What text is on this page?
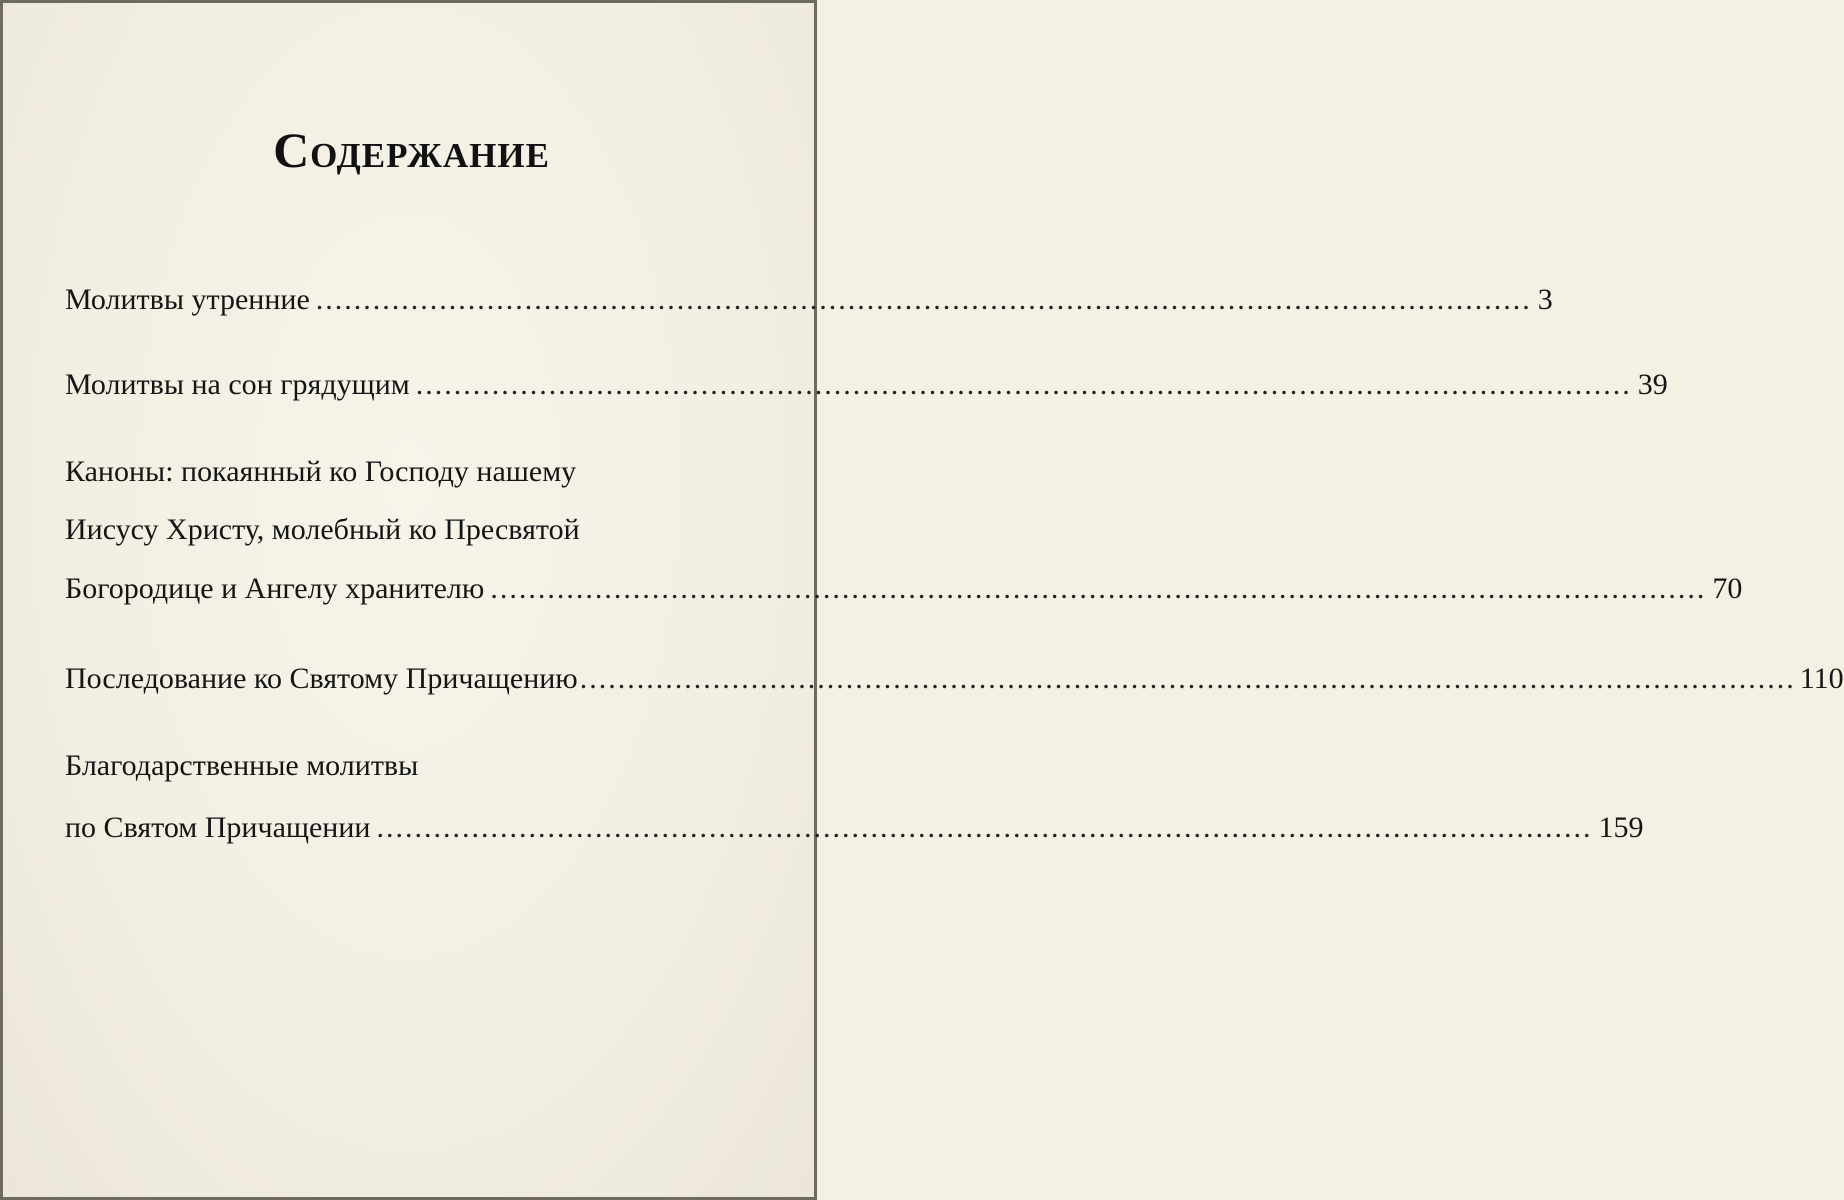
Содержание
Молитвы утренние ................................................................................................................................ 3
Молитвы на сон грядущим ................................................................................................................................ 39
Каноны: покаянный ко Господу нашему
Иисусу Христу, молебный ко Пресвятой
Богородице и Ангелу хранителю ................................................................................................................................ 70
Последование ко Святому Причащению ................................................................................................................................ 110
Благодарственные молитвы
по Святом Причащении ................................................................................................................................ 159
